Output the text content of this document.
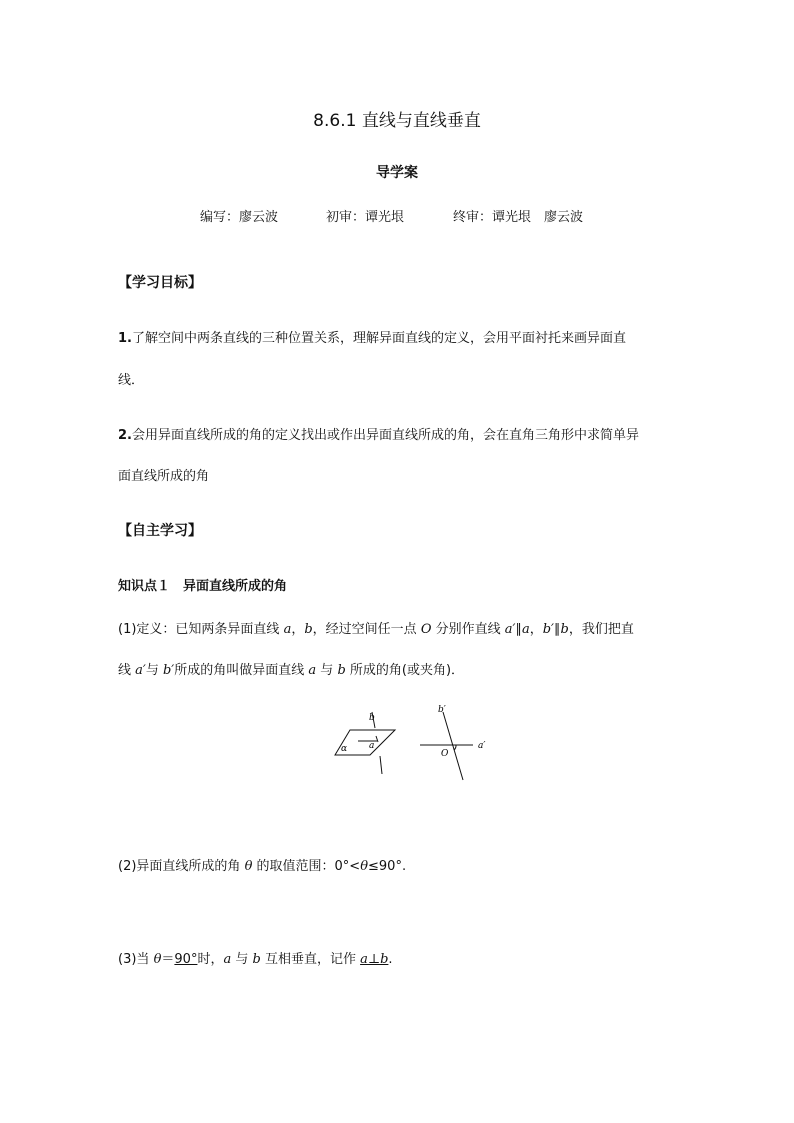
8.6.1 直线与直线垂直
导学案
编写：廖云波	初审：谭光垠	终审：谭光垠　廖云波
【学习目标】
1.了解空间中两条直线的三种位置关系，理解异面直线的定义，会用平面衬托来画异面直
线．
2.会用异面直线所成的角的定义找出或作出异面直线所成的角，会在直角三角形中求简单异
面直线所成的角
【自主学习】
知识点１　异面直线所成的角
(1)定义：已知两条异面直线 a，b，经过空间任一点 O 分别作直线 a′∥a，b′∥b，我们把直
线 a′与 b′所成的角叫做异面直线 a 与 b 所成的角(或夹角)．
α a
b
b′
a′
O
(2)异面直线所成的角 θ 的取值范围：0°<θ≤90°.
(3)当 θ＝90°时，a 与 b 互相垂直，记作 a⊥b.
